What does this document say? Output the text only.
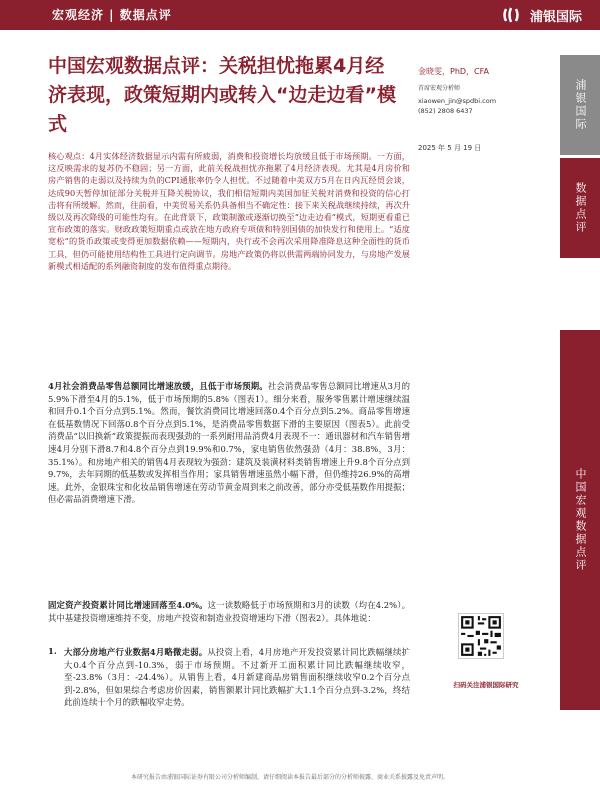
宏观经济 | 数据点评	浦银国际
浦银国际
数据点评
中国宏观数据点评
中国宏观数据点评：关税担忧拖累4月经济表现，政策短期内或转入“边走边看”模式
金晓雯，PhD，CFA
首席宏观分析师
xiaowen_jin@spdbi.com
(852) 2808 6437
2025 年 5 月 19 日
核心观点：4月实体经济数据显示内需有所疲弱，消费和投资增长均放缓且低于市场预期。一方面，这反映需求的复苏仍不稳固；另一方面，此前关税战担忧亦拖累了4月经济表现。尤其是4月房价和房产销售的走弱以及持续为负的CPI通胀率仍令人担忧。不过随着中美双方5月在日内瓦经贸会谈，达成90天暂停加征部分关税并互降关税协议，我们相信短期内美国加征关税对消费和投资的信心打击将有所缓解。然而，往前看，中美贸易关系仍具备相当不确定性：接下来关税战继续持续，再次升级以及再次降级的可能性均有。在此背景下，政策制激或逐渐切换至“边走边看”模式，短期更看重已宣布政策的落实。财政政策短期重点或放在地方政府专项债和特别国债的加快发行和使用上。“适度宽松”的货币政策或变得更加数据依赖——短期内，央行或不会再次采用降准降息这种全面性的货币工具，但仍可能使用结构性工具进行定向调节。房地产政策仍将以供需两端协同发力，与房地产发展新模式相适配的系列融资制度的发布值得重点期待。
4月社会消费品零售总额同比增速放缓，且低于市场预期。社会消费品零售总额同比增速从3月的5.9%下滑至4月的5.1%，低于市场预期的5.8%（图表1）。细分来看，服务零售累计增速继续温和回升0.1个百分点到5.1%。然而，餐饮消费同比增速回落0.4个百分点到5.2%。商品零售增速在低基数情况下回落0.8个百分点到5.1%，是消费品零售数据下滑的主要原因（图表5）。此前受消费品“以旧换新”政策提振而表现强劲的一系列耐用品消费4月表现不一：通讯器材和汽车销售增速4月分别下滑8.7和4.8个百分点到19.9%和0.7%，家电销售依然强劲（4月：38.8%，3月：35.1%）。和房地产相关的销售4月表现较为强劲：建筑及装潢材料类销售增速上升9.8个百分点到9.7%，去年同期的低基数或发挥相当作用；家具销售增速虽然小幅下滑，但仍维持26.9%的高增速。此外，金银珠宝和化妆品销售增速在劳动节黄金周到来之前改善，部分亦受低基数作用提振；但必需品消费增速下滑。
固定资产投资累计同比增速回落至4.0%。这一读数略低于市场预期和3月的读数（均在4.2%）。其中基建投资增速维持不变，房地产投资和制造业投资增速均下滑（图表2）。具体地说：
1. 大部分房地产行业数据4月略微走弱。从投资上看，4月房地产开发投资累计同比跌幅继续扩大0.4个百分点到-10.3%，弱于市场预期。不过新开工面积累计同比跌幅继续收窄，至-23.8%（3月：-24.4%）。从销售上看，4月新建商品房销售面积继续收窄0.2个百分点到-2.8%，但如果综合考虑房价因素，销售额累计同比跌幅扩大1.1个百分点到-3.2%，终结此前连续十个月的跌幅收窄走势。
扫码关注浦银国际研究
本研究报告由浦银国际证券有限公司分析师编制，请仔细阅读本报告最后部分的分析师披露、商业关系披露及免责声明。
